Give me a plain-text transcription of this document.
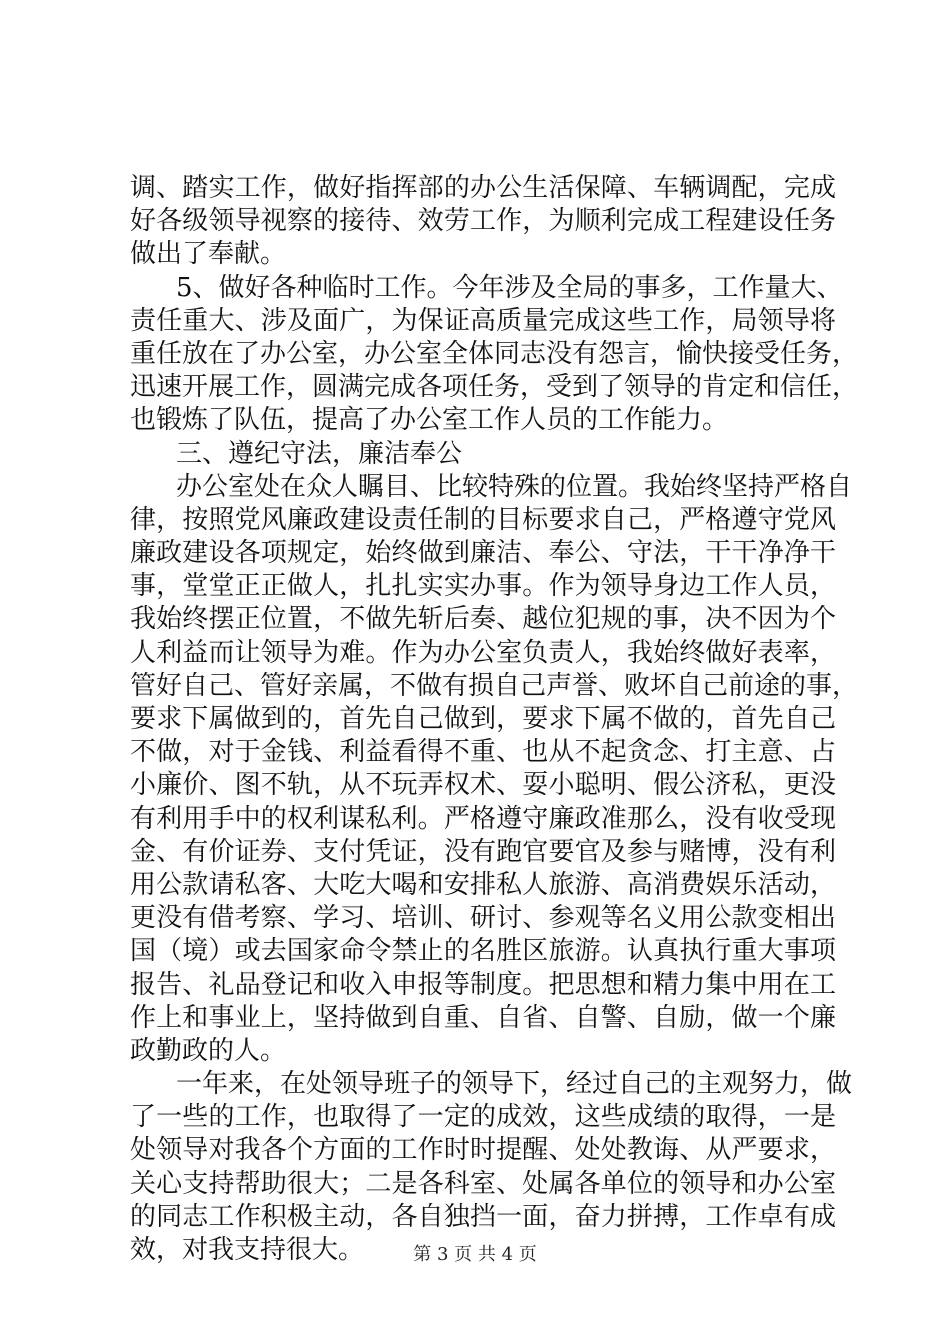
调、踏实工作，做好指挥部的办公生活保障、车辆调配，完成
好各级领导视察的接待、效劳工作，为顺利完成工程建设任务
做出了奉献。
5、做好各种临时工作。今年涉及全局的事多，工作量大、
责任重大、涉及面广，为保证高质量完成这些工作，局领导将
重任放在了办公室，办公室全体同志没有怨言，愉快接受任务，
迅速开展工作，圆满完成各项任务，受到了领导的肯定和信任，
也锻炼了队伍，提高了办公室工作人员的工作能力。
三、遵纪守法，廉洁奉公
办公室处在众人瞩目、比较特殊的位置。我始终坚持严格自
律，按照党风廉政建设责任制的目标要求自己，严格遵守党风
廉政建设各项规定，始终做到廉洁、奉公、守法，干干净净干
事，堂堂正正做人，扎扎实实办事。作为领导身边工作人员，
我始终摆正位置，不做先斩后奏、越位犯规的事，决不因为个
人利益而让领导为难。作为办公室负责人，我始终做好表率，
管好自己、管好亲属，不做有损自己声誉、败坏自己前途的事，
要求下属做到的，首先自己做到，要求下属不做的，首先自己
不做，对于金钱、利益看得不重、也从不起贪念、打主意、占
小廉价、图不轨，从不玩弄权术、耍小聪明、假公济私，更没
有利用手中的权利谋私利。严格遵守廉政准那么，没有收受现
金、有价证券、支付凭证，没有跑官要官及参与赌博，没有利
用公款请私客、大吃大喝和安排私人旅游、高消费娱乐活动，
更没有借考察、学习、培训、研讨、参观等名义用公款变相出
国（境）或去国家命令禁止的名胜区旅游。认真执行重大事项
报告、礼品登记和收入申报等制度。把思想和精力集中用在工
作上和事业上，坚持做到自重、自省、自警、自励，做一个廉
政勤政的人。
一年来，在处领导班子的领导下，经过自己的主观努力，做
了一些的工作，也取得了一定的成效，这些成绩的取得，一是
处领导对我各个方面的工作时时提醒、处处教诲、从严要求，
关心支持帮助很大；二是各科室、处属各单位的领导和办公室
的同志工作积极主动，各自独挡一面，奋力拼搏，工作卓有成
效，对我支持很大。	第 3 页 共 4 页
